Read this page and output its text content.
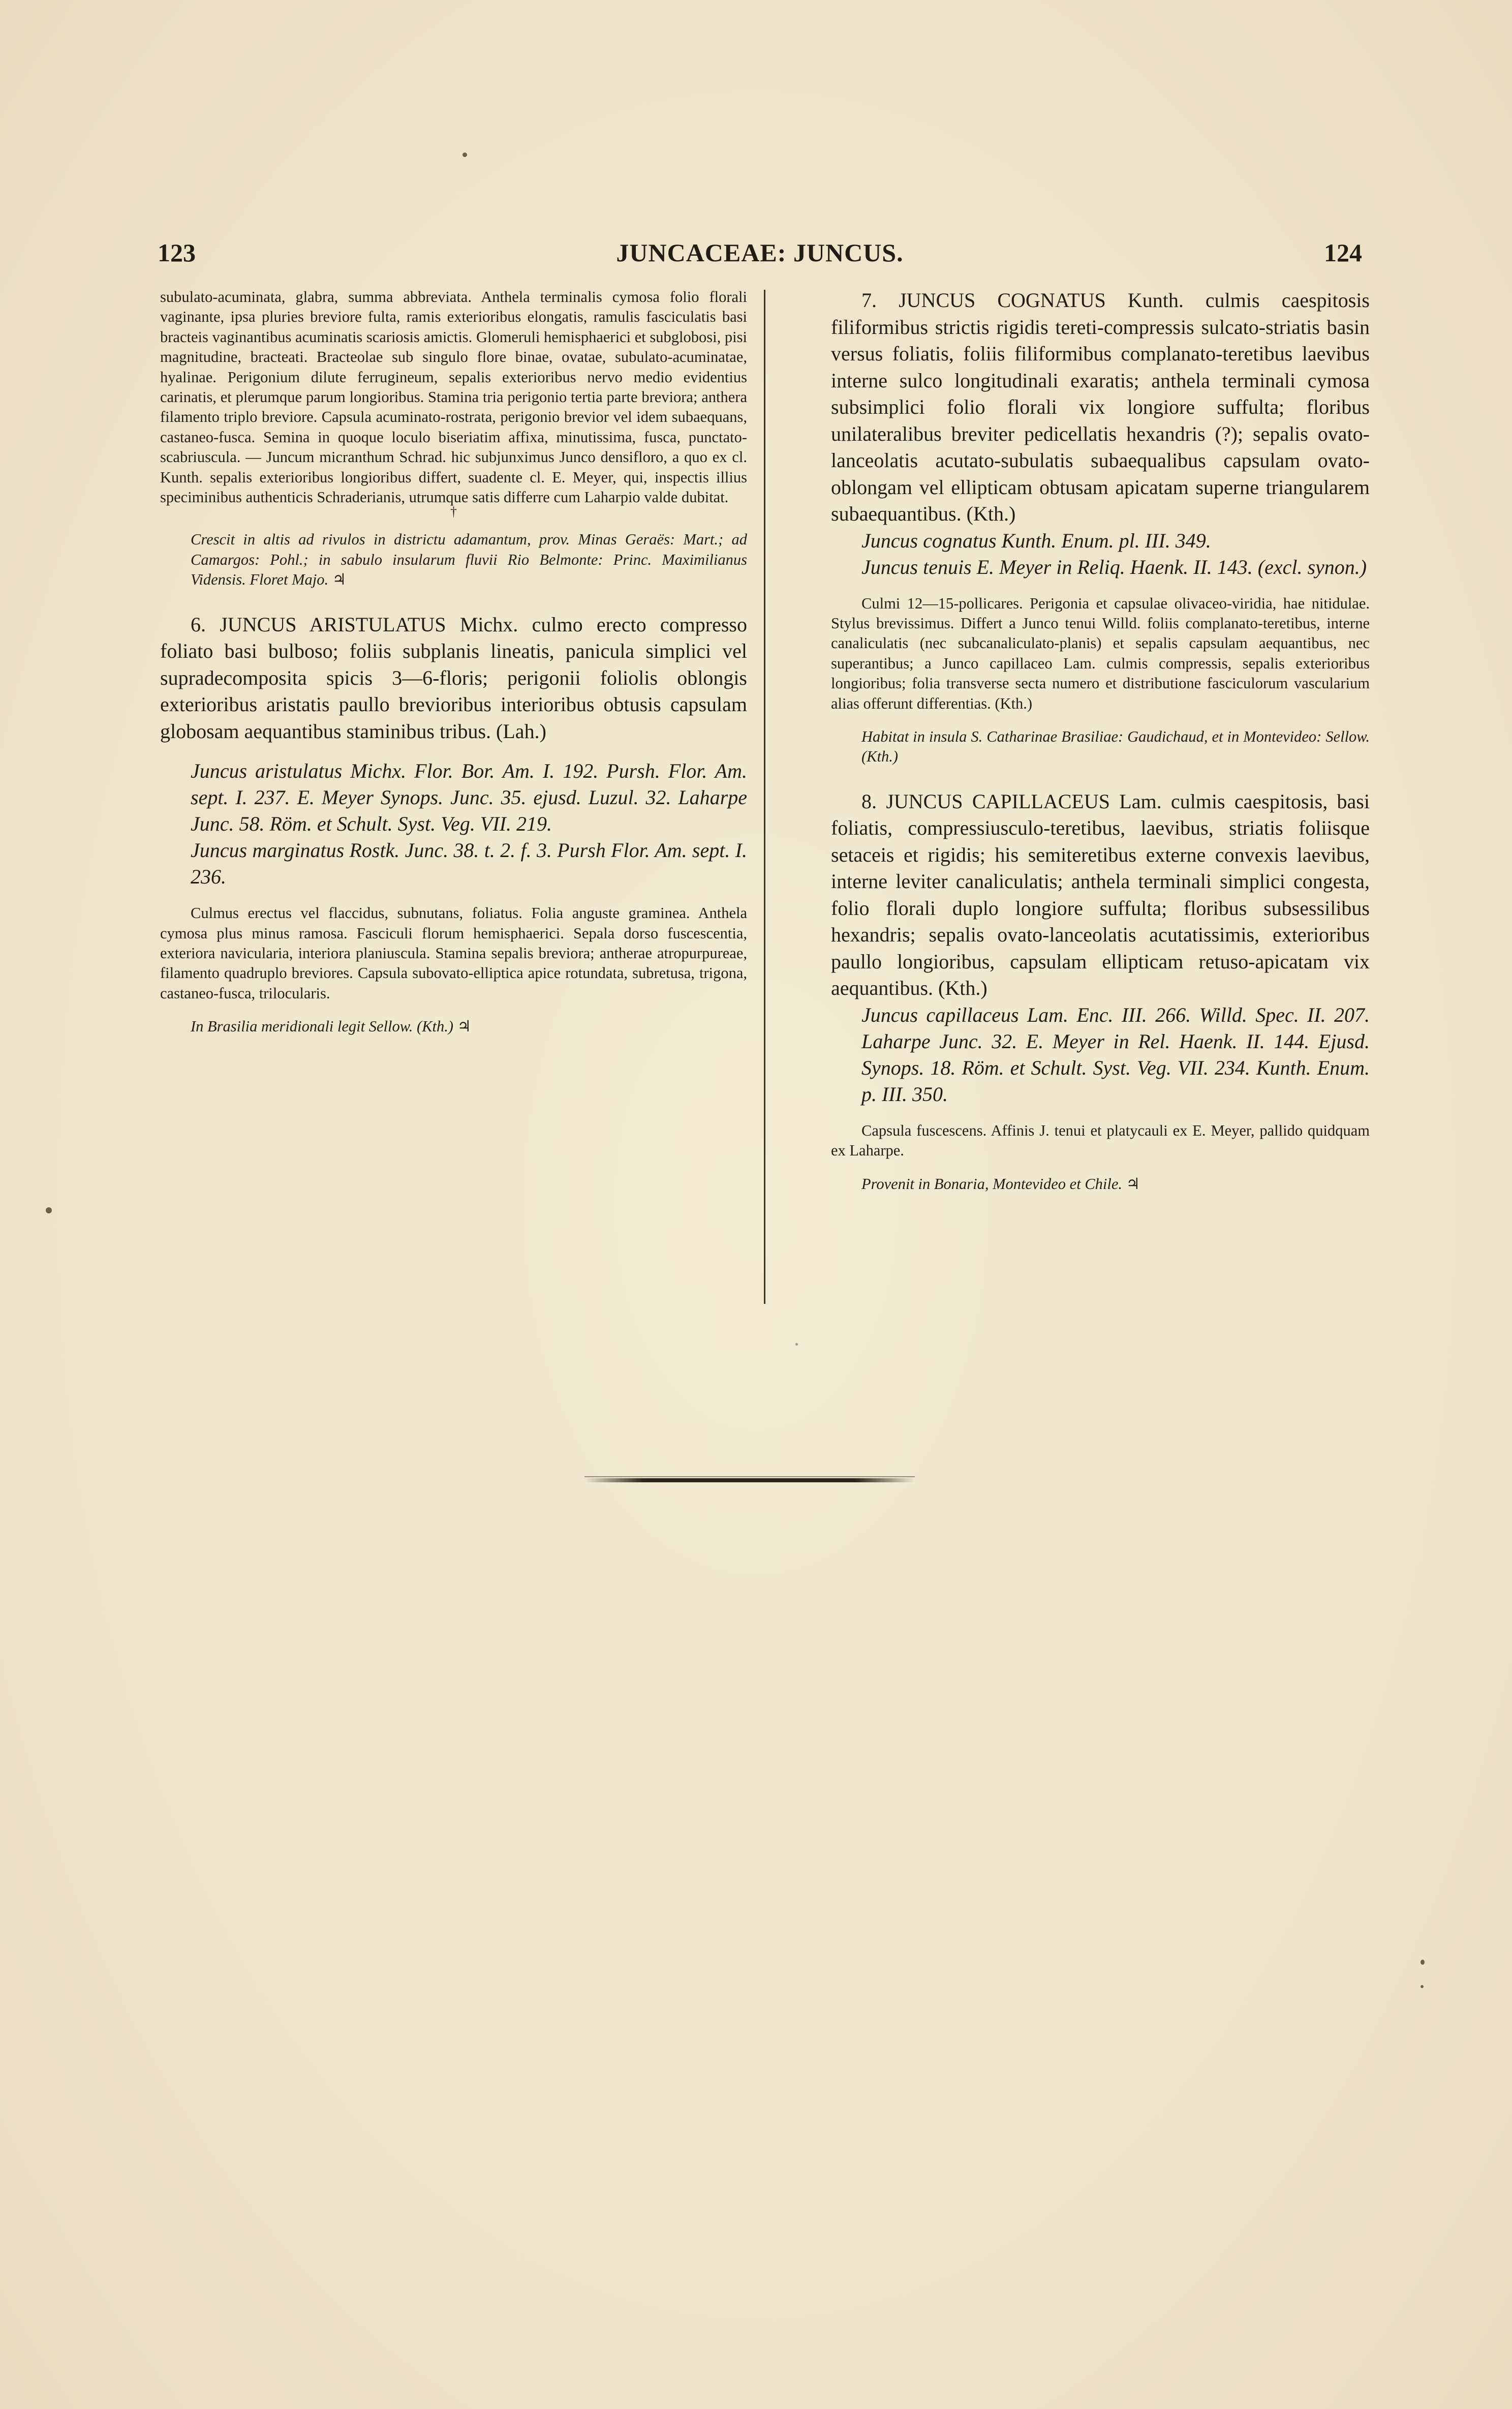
123	JUNCACEAE: JUNCUS.	124

subulato-acuminata, glabra, summa abbreviata. Anthela terminalis cymosa folio florali vaginante, ipsa pluries breviore fulta, ramis exterioribus elongatis, ramulis fasciculatis basi bracteis vaginantibus acuminatis scariosis amictis. Glomeruli hemisphaerici et subglobosi, pisi magnitudine, bracteati. Bracteolae sub singulo flore binae, ovatae, subulato-acuminatae, hyalinae. Perigonium dilute ferrugineum, sepalis exterioribus nervo medio evidentius carinatis, et plerumque parum longioribus. Stamina tria perigonio tertia parte breviora; antherа filamento triplo breviore. Capsula acuminato-rostrata, perigonio brevior vel idem subaequans, castaneo-fusca. Semina in quoque loculo biseriatim affixa, minutissima, fusca, punctato-scabriuscula. — Juncum micranthum Schrad. hic subjunximus Junco densifloro, a quo ex cl. Kunth. sepalis exterioribus longioribus differt, suadente cl. E. Meyer, qui, inspectis illius speciminibus authenticis Schraderianis, utrumque satis differre cum Laharpio valde dubitat.

†

Crescit in altis ad rivulos in districtu adamantum, prov. Minas Geraës: Mart.; ad Camargos: Pohl.; in sabulo insularum fluvii Rio Belmonte: Princ. Maximilianus Vidensis. Floret Majo. ♃

6. JUNCUS ARISTULATUS Michx. culmo erecto compresso foliato basi bulboso; foliis subplanis lineatis, panicula simplici vel supradecomposita spicis 3—6-floris; perigonii foliolis oblongis exterioribus aristatis paullo brevioribus interioribus obtusis capsulam globosam aequantibus staminibus tribus. (Lah.)

Juncus aristulatus Michx. Flor. Bor. Am. I. 192. Pursh. Flor. Am. sept. I. 237. E. Meyer Synops. Junc. 35. ejusd. Luzul. 32. Laharpe Junc. 58. Röm. et Schult. Syst. Veg. VII. 219.

Juncus marginatus Rostk. Junc. 38. t. 2. f. 3. Pursh Flor. Am. sept. I. 236.

Culmus erectus vel flaccidus, subnutans, foliatus. Folia anguste graminea. Anthela cymosa plus minus ramosa. Fasciculi florum hemisphaerici. Sepala dorso fuscescentia, exteriora navicularia, interiora planiuscula. Stamina sepalis breviora; antherae atropurpureae, filamento quadruplo breviores. Capsula subovato-elliptica apice rotundata, subretusa, trigona, castaneo-fusca, trilocularis.

In Brasilia meridionali legit Sellow. (Kth.) ♃

7. JUNCUS COGNATUS Kunth. culmis caespitosis filiformibus strictis rigidis tereti-compressis sulcato-striatis basin versus foliatis, foliis filiformibus complanato-teretibus laevibus interne sulco longitudinali exaratis; anthela terminali cymosa subsimplici folio florali vix longiore suffulta; floribus unilateralibus breviter pedicellatis hexandris (?); sepalis ovato-lanceolatis acutato-subulatis subaequalibus capsulam ovato-oblongam vel ellipticam obtusam apicatam superne triangularem subaequantibus. (Kth.)

Juncus cognatus Kunth. Enum. pl. III. 349.

Juncus tenuis E. Meyer in Reliq. Haenk. II. 143. (excl. synon.)

Culmi 12—15-pollicares. Perigonia et capsulae olivaceo-viridia, hae nitidulae. Stylus brevissimus. Differt a Junco tenui Willd. foliis complanato-teretibus, interne canaliculatis (nec subcanaliculato-planis) et sepalis capsulam aequantibus, nec superantibus; a Junco capillaceo Lam. culmis compressis, sepalis exterioribus longioribus; folia transverse secta numero et distributione fasciculorum vascularium alias offerunt differentias. (Kth.)

Habitat in insula S. Catharinae Brasiliae: Gaudichaud, et in Montevideo: Sellow. (Kth.)

8. JUNCUS CAPILLACEUS Lam. culmis caespitosis, basi foliatis, compressiusculo-teretibus, laevibus, striatis foliisque setaceis et rigidis; his semiteretibus externe convexis laevibus, interne leviter canaliculatis; anthela terminali simplici congesta, folio florali duplo longiore suffulta; floribus subsessilibus hexandris; sepalis ovato-lanceolatis acutatissimis, exterioribus paullo longioribus, capsulam ellipticam retuso-apicatam vix aequantibus. (Kth.)

Juncus capillaceus Lam. Enc. III. 266. Willd. Spec. II. 207. Laharpe Junc. 32. E. Meyer in Rel. Haenk. II. 144. Ejusd. Synops. 18. Röm. et Schult. Syst. Veg. VII. 234. Kunth. Enum. p. III. 350.

Capsula fuscescens. Affinis J. tenui et platycauli ex E. Meyer, pallido quidquam ex Laharpe.

Provenit in Bonaria, Montevideo et Chile. ♃
